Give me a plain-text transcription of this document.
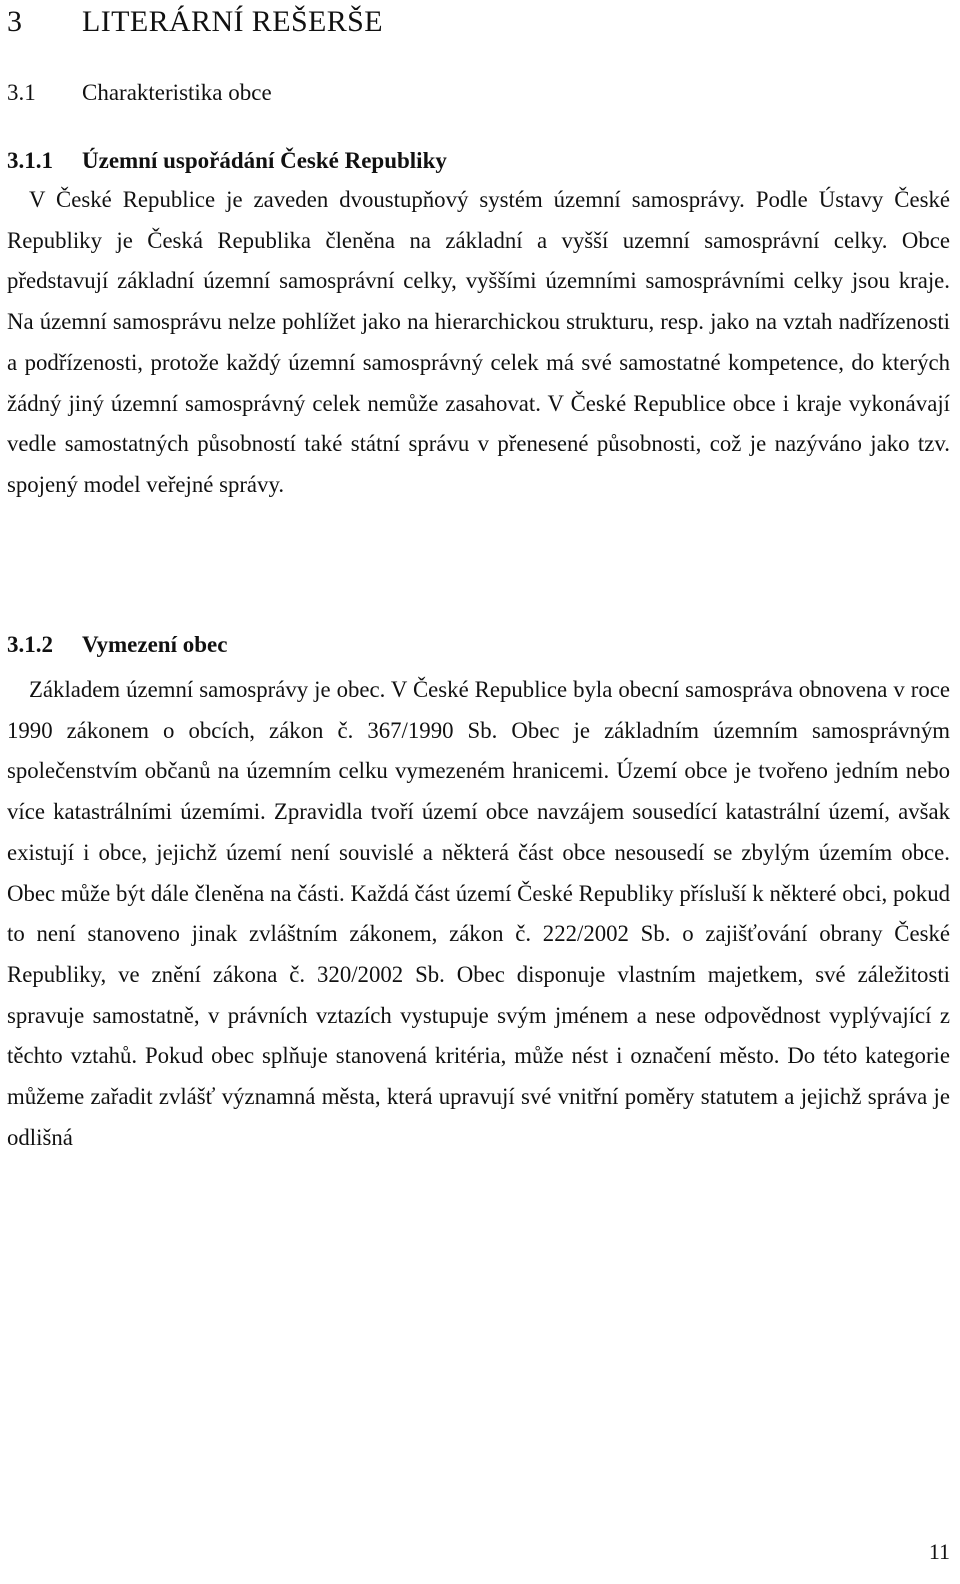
3 LITERÁRNÍ REŠERŠE
3.1 Charakteristika obce
3.1.1 Územní uspořádání České Republiky

V České Republice je zaveden dvoustupňový systém územní samosprávy. Podle Ústavy České Republiky je Česká Republika členěna na základní a vyšší uzemní samosprávní celky. Obce představují základní územní samosprávní celky, vyššími územními samosprávními celky jsou kraje. Na územní samosprávu nelze pohlížet jako na hierarchickou strukturu, resp. jako na vztah nadřízenosti a podřízenosti, protože každý územní samosprávný celek má své samostatné kompetence, do kterých žádný jiný územní samosprávný celek nemůže zasahovat. V České Republice obce i kraje vykonávají vedle samostatných působností také státní správu v přenesené působnosti, což je nazýváno jako tzv. spojený model veřejné správy.

3.1.2 Vymezení obec

Základem územní samosprávy je obec. V České Republice byla obecní samospráva obnovena v roce 1990 zákonem o obcích, zákon č. 367/1990 Sb. Obec je základním územním samosprávným společenstvím občanů na územním celku vymezeném hranicemi. Území obce je tvořeno jedním nebo více katastrálními územími. Zpravidla tvoří území obce navzájem sousedící katastrální území, avšak existují i obce, jejichž území není souvislé a některá část obce nesousedí se zbylým územím obce. Obec může být dále členěna na části. Každá část území České Republiky přísluší k některé obci, pokud to není stanoveno jinak zvláštním zákonem, zákon č. 222/2002 Sb. o zajišťování obrany České Republiky, ve znění zákona č. 320/2002 Sb. Obec disponuje vlastním majetkem, své záležitosti spravuje samostatně, v právních vztazích vystupuje svým jménem a nese odpovědnost vyplývající z těchto vztahů. Pokud obec splňuje stanovená kritéria, může nést i označení město. Do této kategorie můžeme zařadit zvlášť významná města, která upravují své vnitřní poměry statutem a jejichž správa je odlišná

11
